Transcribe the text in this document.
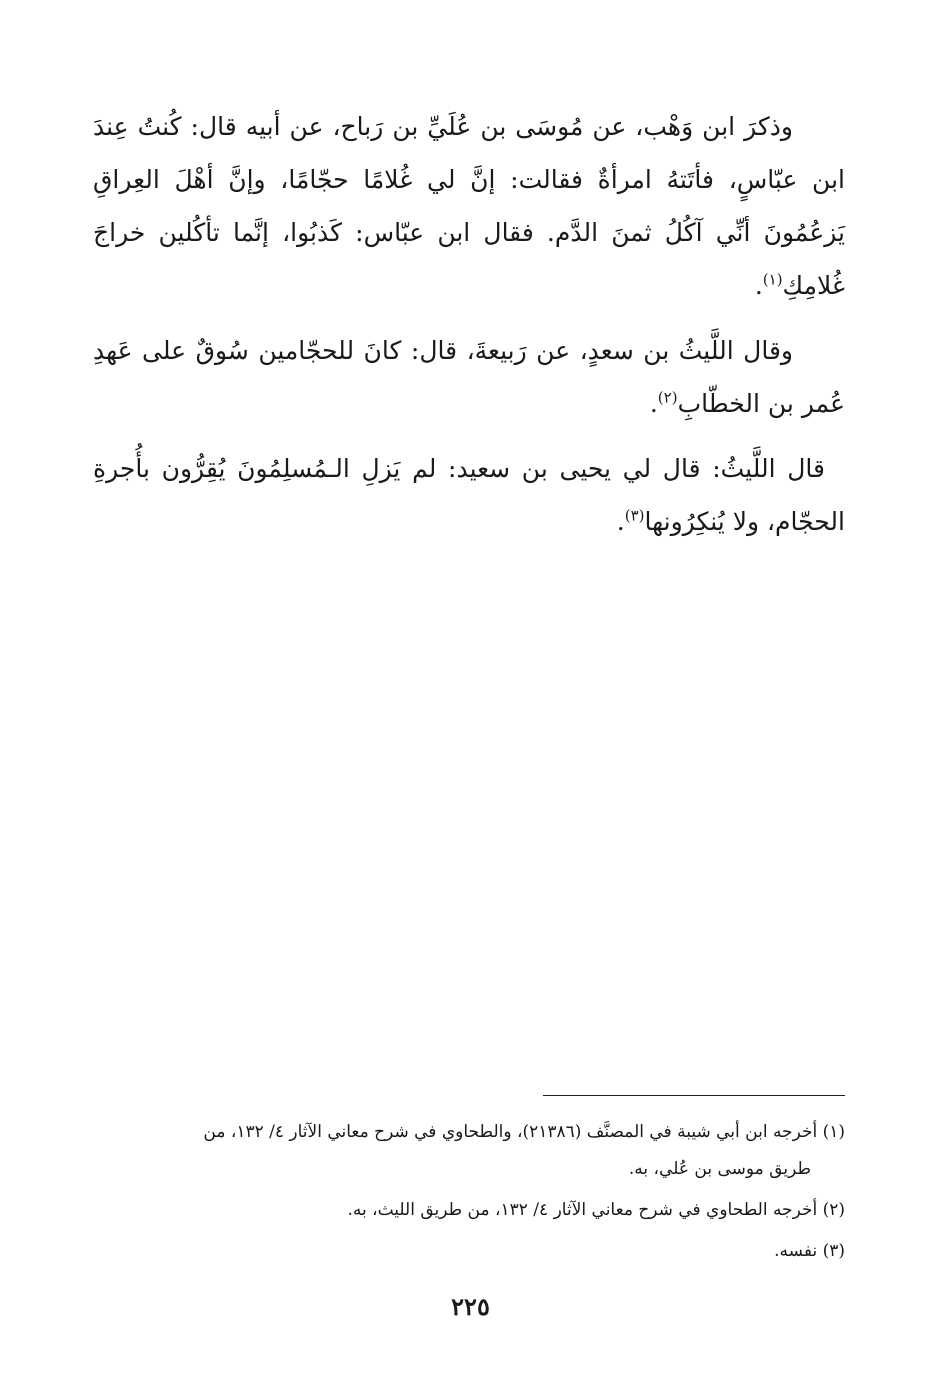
وذكرَ ابن وَهْب، عن مُوسَى بن عُلَيِّ بن رَباح، عن أبيه قال: كُنتُ عِندَ ابن عبّاسٍ، فأتَتهُ امرأةٌ فقالت: إنَّ لي غُلامًا حجّامًا، وإنَّ أهْلَ العِراقِ يَزعُمُونَ أنِّي آكُلُ ثمنَ الدَّم. فقال ابن عبّاس: كَذبُوا، إنَّما تأكُلين خراجَ غُلامِكِ$^{(١)}$.

وقال اللَّيثُ بن سعدٍ، عن رَبيعةَ، قال: كانَ للحجّامين سُوقٌ على عَهدِ عُمر بن الخطّابِ$^{(٢)}$.

قال اللَّيثُ: قال لي يحيى بن سعيد: لم يَزلِ الـمُسلِمُونَ يُقِرُّون بأُجرةِ الحجّام، ولا يُنكِرُونها$^{(٣)}$.

(١) أخرجه ابن أبي شيبة في المصنَّف (٢١٣٨٦)، والطحاوي في شرح معاني الآثار ٤/ ١٣٢، من
طريق موسى بن عُلي، به.
(٢) أخرجه الطحاوي في شرح معاني الآثار ٤/ ١٣٢، من طريق الليث، به.
(٣) نفسه.
٢٢٥
